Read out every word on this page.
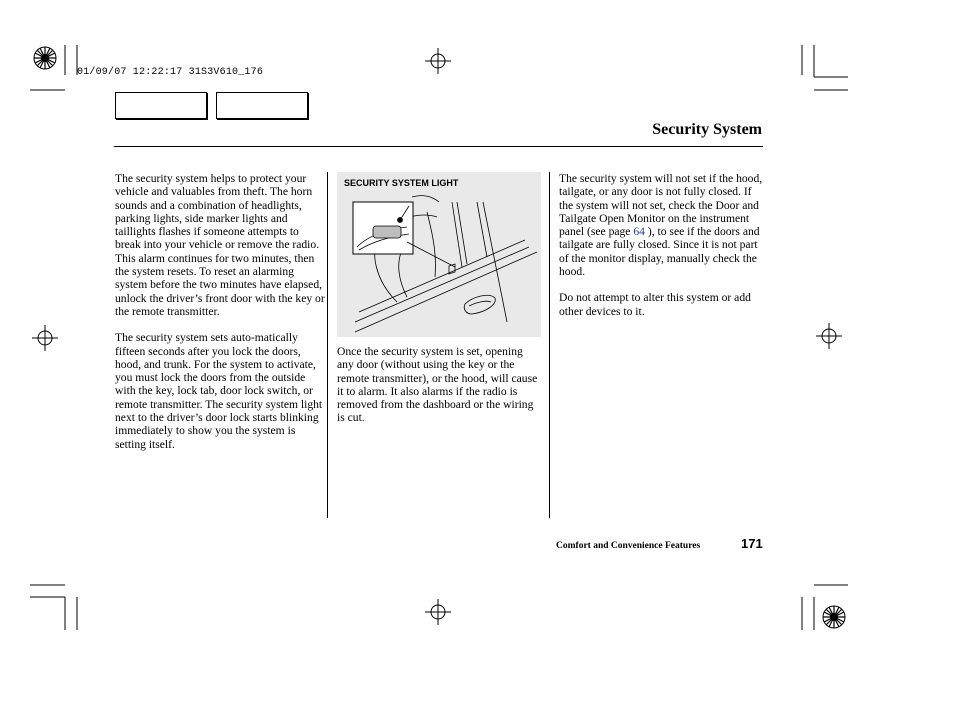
01/09/07 12:22:17 31S3V610_176
Security System

The security system helps to protect your vehicle and valuables from theft. The horn sounds and a combination of headlights, parking lights, side marker lights and taillights flashes if someone attempts to break into your vehicle or remove the radio. This alarm continues for two minutes, then the system resets. To reset an alarming system before the two minutes have elapsed, unlock the driver’s front door with the key or the remote transmitter.

The security system sets auto-matically fifteen seconds after you lock the doors, hood, and trunk. For the system to activate, you must lock the doors from the outside with the key, lock tab, door lock switch, or remote transmitter. The security system light next to the driver’s door lock starts blinking immediately to show you the system is setting itself.

SECURITY SYSTEM LIGHT

Once the security system is set, opening any door (without using the key or the remote transmitter), or the hood, will cause it to alarm. It also alarms if the radio is removed from the dashboard or the wiring is cut.

The security system will not set if the hood, tailgate, or any door is not fully closed. If the system will not set, check the Door and Tailgate Open Monitor on the instrument panel (see page 64 ), to see if the doors and tailgate are fully closed. Since it is not part of the monitor display, manually check the hood.

Do not attempt to alter this system or add other devices to it.

Comfort and Convenience Features	171
